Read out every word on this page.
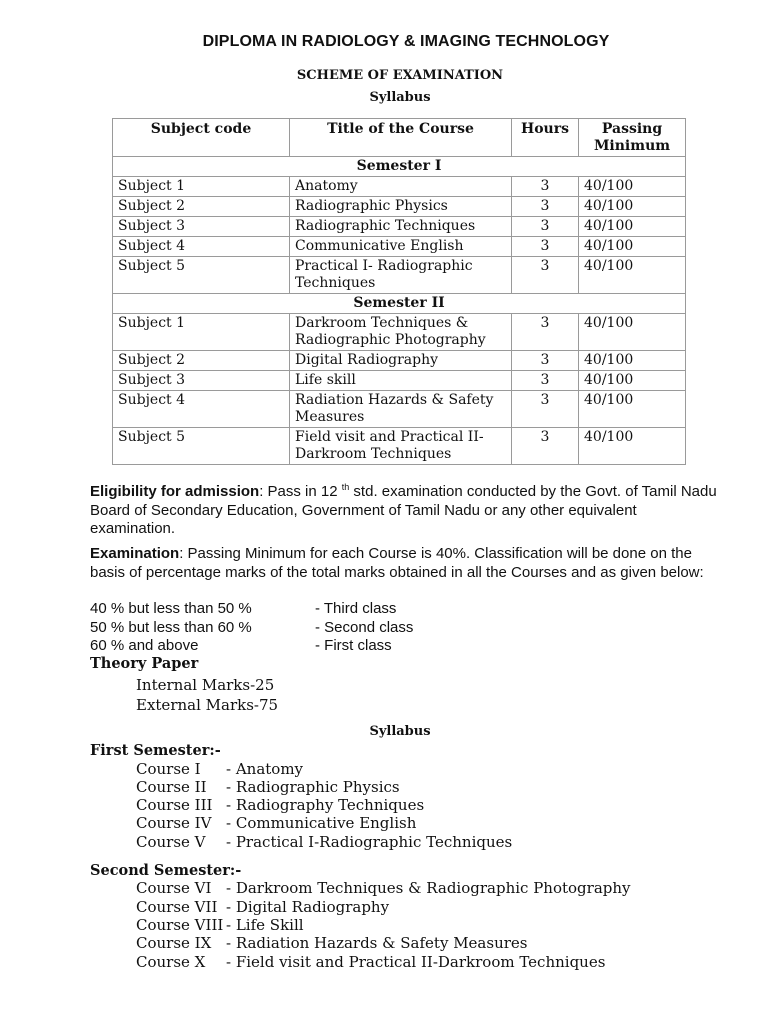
DIPLOMA IN RADIOLOGY & IMAGING TECHNOLOGY
SCHEME OF EXAMINATION
Syllabus
Subject code	Title of the Course	Hours	Passing Minimum
Semester I			
Subject 1	Anatomy	3	40/100
Subject 2	Radiographic Physics	3	40/100
Subject 3	Radiographic Techniques	3	40/100
Subject 4	Communicative English	3	40/100
Subject 5	Practical I- Radiographic Techniques	3	40/100
Semester II			
Subject 1	Darkroom Techniques & Radiographic Photography	3	40/100
Subject 2	Digital Radiography	3	40/100
Subject 3	Life skill	3	40/100
Subject 4	Radiation Hazards & Safety Measures	3	40/100
Subject 5	Field visit and Practical II-Darkroom Techniques	3	40/100
Eligibility for admission: Pass in 12 $^{th}$ std. examination conducted by the Govt. of Tamil Nadu Board of Secondary Education, Government of Tamil Nadu or any other equivalent examination.
Examination: Passing Minimum for each Course is 40%. Classification will be done on the basis of percentage marks of the total marks obtained in all the Courses and as given below:
40 % but less than 50 %	- Third class
50 % but less than 60 %	- Second class
60 % and above	- First class
Theory Paper
Internal Marks-25
External Marks-75
Syllabus
First Semester:-
Course I - Anatomy
Course II - Radiographic Physics
Course III - Radiography Techniques
Course IV - Communicative English
Course V - Practical I-Radiographic Techniques
Second Semester:-
Course VI - Darkroom Techniques & Radiographic Photography
Course VII - Digital Radiography
Course VIII - Life Skill
Course IX - Radiation Hazards & Safety Measures
Course X - Field visit and Practical II-Darkroom Techniques
